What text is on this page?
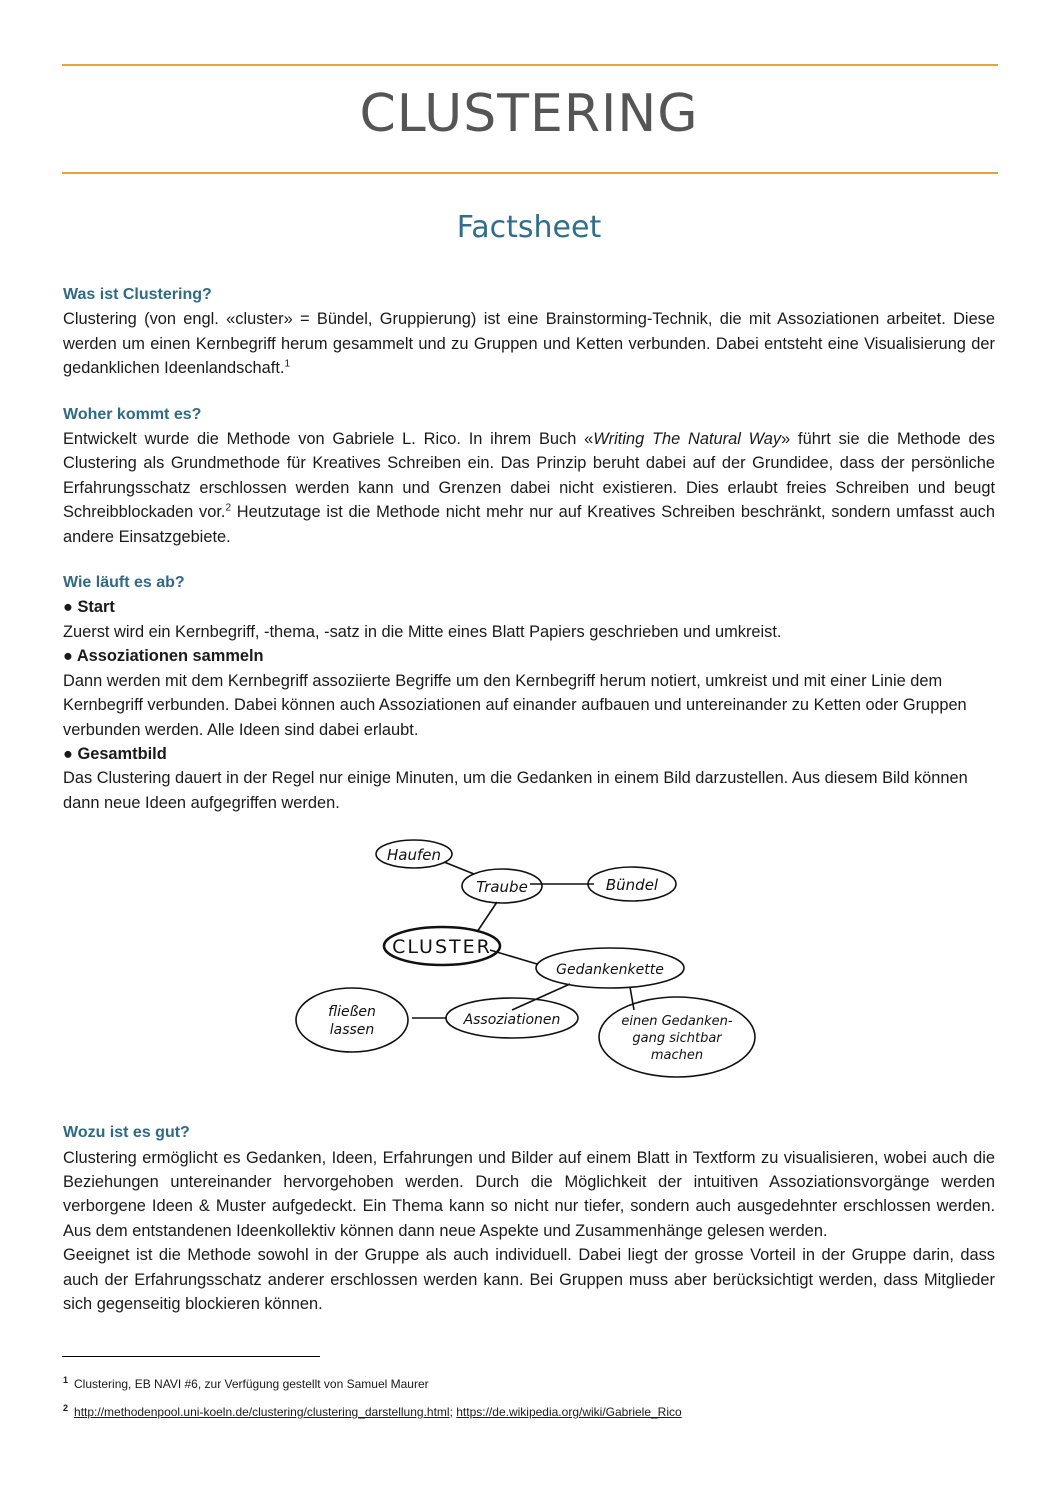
CLUSTERING
Factsheet
Was ist Clustering?

Clustering (von engl. «cluster» = Bündel, Gruppierung) ist eine Brainstorming-Technik, die mit Assoziationen arbeitet. Diese werden um einen Kernbegriff herum gesammelt und zu Gruppen und Ketten verbunden. Dabei entsteht eine Visualisierung der gedanklichen Ideenlandschaft.$^1$

Woher kommt es?

Entwickelt wurde die Methode von Gabriele L. Rico. In ihrem Buch «Writing The Natural Way» führt sie die Methode des Clustering als Grundmethode für Kreatives Schreiben ein. Das Prinzip beruht dabei auf der Grundidee, dass der persönliche Erfahrungsschatz erschlossen werden kann und Grenzen dabei nicht existieren. Dies erlaubt freies Schreiben und beugt Schreibblockaden vor.$^2$ Heutzutage ist die Methode nicht mehr nur auf Kreatives Schreiben beschränkt, sondern umfasst auch andere Einsatzgebiete.

Wie läuft es ab?
● Start

Zuerst wird ein Kernbegriff, -thema, -satz in die Mitte eines Blatt Papiers geschrieben und umkreist.

● Assoziationen sammeln

Dann werden mit dem Kernbegriff assoziierte Begriffe um den Kernbegriff herum notiert, umkreist und mit einer Linie dem Kernbegriff verbunden. Dabei können auch Assoziationen auf einander aufbauen und untereinander zu Ketten oder Gruppen verbunden werden. Alle Ideen sind dabei erlaubt.

● Gesamtbild

Das Clustering dauert in der Regel nur einige Minuten, um die Gedanken in einem Bild darzustellen. Aus diesem Bild können dann neue Ideen aufgegriffen werden.

Wozu ist es gut?

Clustering ermöglicht es Gedanken, Ideen, Erfahrungen und Bilder auf einem Blatt in Textform zu visualisieren, wobei auch die Beziehungen untereinander hervorgehoben werden. Durch die Möglichkeit der intuitiven Assoziationsvorgänge werden verborgene Ideen & Muster aufgedeckt. Ein Thema kann so nicht nur tiefer, sondern auch ausgedehnter erschlossen werden. Aus dem entstandenen Ideenkollektiv können dann neue Aspekte und Zusammenhänge gelesen werden.

Geeignet ist die Methode sowohl in der Gruppe als auch individuell. Dabei liegt der grosse Vorteil in der Gruppe darin, dass auch der Erfahrungsschatz anderer erschlossen werden kann. Bei Gruppen muss aber berücksichtigt werden, dass Mitglieder sich gegenseitig blockieren können.

Haufen
Traube	Bündel
CLUSTER
Gedankenkette
fließen
lassen
Assoziationen	einen Gedanken-
gang sichtbar
machen
$^1$ Clustering, EB NAVI #6, zur Verfügung gestellt von Samuel Maurer
$^2$ http://methodenpool.uni-koeln.de/clustering/clustering_darstellung.html; https://de.wikipedia.org/wiki/Gabriele_Rico
